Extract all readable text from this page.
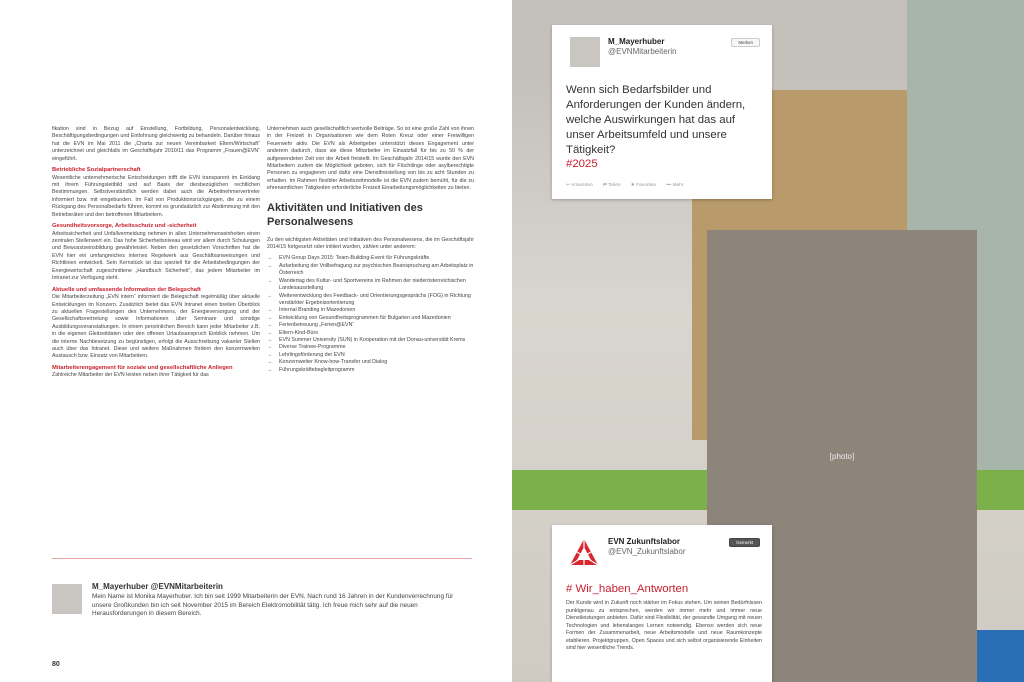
fikation sind in Bezug auf Einstellung, Fortbildung, Personalentwicklung, Beschäftigungsbedingungen und Entlohnung gleichwertig zu behandeln. Darüber hinaus hat die EVN im Mai 2011 die „Charta zur neuen Vereinbarkeit Eltern/Wirtschaft“ unterzeichnet und gleichfalls im Geschäftsjahr 2010/11 das Programm „Frauen@EVN“ eingeführt.

Betriebliche Sozialpartnerschaft

Wesentliche unternehmerische Entscheidungen trifft die EVN transparent im Einklang mit ihrem Führungsleitbild und auf Basis der diesbezüglichen rechtlichen Bestimmungen. Selbstverständlich werden dabei auch die Arbeitnehmervertreter informiert bzw. mit eingebunden. Im Fall von Produktionsrückgängen, die zu einem Rückgang des Personalbedarfs führen, kommt es grundsätzlich zur Abstimmung mit den Betriebsräten und den betroffenen Mitarbeitern.

Gesundheitsvorsorge, Arbeitsschutz und -sicherheit

Arbeitssicherheit und Unfallvermeidung nehmen in allen Unternehmenseinheiten einen zentralen Stellenwert ein. Das hohe Sicherheitsniveau wird vor allem durch Schulungen und Bewusstseinsbildung gewährleistet. Neben den gesetzlichen Vorschriften hat die EVN hier ein umfangreiches internes Regelwerk aus Geschäftsanweisungen und Richtlinien entwickelt. Sein Kernstück ist das speziell für die Arbeitsbedingungen der Energiewirtschaft zugeschnittene „Handbuch Sicherheit“, das jedem Mitarbeiter im Intranet zur Verfügung steht.

Aktuelle und umfassende Information der Belegschaft

Die Mitarbeiterzeitung „EVN intern“ informiert die Belegschaft regelmäßig über aktuelle Entwicklungen im Konzern. Zusätzlich bietet das EVN Intranet einen breiten Überblick zu aktuellen Fragestellungen des Unternehmens, der Energieversorgung und der Gesellschaftsvertretung sowie Informationen über Seminare und sonstige Ausbildungsveranstaltungen. In einem persönlichen Bereich kann jeder Mitarbeiter z.B. in die eigenen Gleitzeitdaten oder den offenen Urlaubsanspruch Einblick nehmen. Um die interne Nachbesetzung zu begünstigen, erfolgt die Ausschreibung vakanter Stellen auch über das Intranet. Diese und weitere Maßnahmen fördern den konzernweiten Austausch bzw. Einsatz von Mitarbeitern.

Mitarbeiterengagement für soziale und gesellschaftliche Anliegen

Zahlreiche Mitarbeiter der EVN leisten neben ihrer Tätigkeit für das

Unternehmen auch gesellschaftlich wertvolle Beiträge. So ist eine große Zahl von ihnen in der Freizeit in Organisationen wie dem Roten Kreuz oder einer Freiwilligen Feuerwehr aktiv. Die EVN als Arbeitgeber unterstützt dieses Engagement unter anderem dadurch, dass sie diese Mitarbeiter im Einsatzfall für bis zu 50 % der aufgewendeten Zeit von der Arbeit freistellt. Im Geschäftsjahr 2014/15 wurde den EVN Mitarbeitern zudem die Möglichkeit geboten, sich für Flüchtlinge oder asylberechtigte Personen zu engagieren und dafür eine Dienstfreistellung von bis zu acht Stunden zu erhalten. Im Rahmen flexibler Arbeitszeitmodelle ist die EVN zudem bemüht, für die zu ehrenamtlichen Tätigkeiten erforderliche Freizeit Einarbeitungsmöglichkeiten zu bieten.

Aktivitäten und Initiativen des Personalwesens

Zu den wichtigsten Aktivitäten und Initiativen des Personalwesens, die im Geschäftsjahr 2014/15 fortgesetzt oder initiiert wurden, zählen unter anderem:

→ EVN Group Days 2015: Team-Building-Event für Führungskräfte
→ Aufarbeitung der Vollbefragung zur psychischen Beanspruchung am Arbeitsplatz in Österreich
→ Wandertag des Kultur- und Sportvereins im Rahmen der niederösterreichischen Landesausstellung
→ Weiterentwicklung des Feedback- und Orientierungsgesprächs (FOG) in Richtung verstärkter Ergebnisorientierung
→ Internal Branding in Mazedonien
→ Entwicklung von Gesundheitsprogrammen für Bulgarien und Mazedonien
→ Ferienbetreuung „Ferien@EVN“
→ Eltern-Kind-Büro
→ EVN Summer University (SUN) in Kooperation mit der Donau-universität Krems
→ Diverse Trainee-Programme
→ Lehrlingsförderung der EVN
→ Konzernweiter Know-how-Transfer und Dialog
→ Führungskräftebegleitprogramm
M_Mayerhuber @EVNMitarbeiterin
Mein Name ist Monika Mayerhuber. Ich bin seit 1999 Mitarbeiterin der EVN. Nach rund 16 Jahren in der Kundenverrechnung für unsere Großkunden bin ich seit November 2015 im Bereich Elektromobilität tätig. Ich freue mich sehr auf die neuen Herausforderungen in diesem Bereich.
80
[photo]
M_Mayerhuber
@EVNMitarbeiterin
Merken
Wenn sich Bedarfsbilder und Anforderungen der Kunden ändern, welche Auswirkungen hat das auf unser Arbeitsumfeld und unsere Tätigkeit?
#2025
↩ Antworten ⇄ Teilen ★ Favoriten ••• Mehr
EVN Zukunftslabor
@EVN_Zukunftslabor
Gemerkt
# Wir_haben_Antworten
Der Kunde wird in Zukunft noch stärker im Fokus stehen. Um seinen Bedürfnissen punktgenau zu entsprechen, werden wir immer mehr und immer neue Dienstleistungen anbieten. Dafür sind Flexibilität, der gewandte Umgang mit neuen Technologien und lebenslanges Lernen notwendig. Ebenso werden sich neue Formen der Zusammenarbeit, neue Arbeitsmodelle und neue Raumkonzepte etablieren. Projektgruppen, Open Spaces und sich selbst organisierende Einheiten sind hier wesentliche Trends.
